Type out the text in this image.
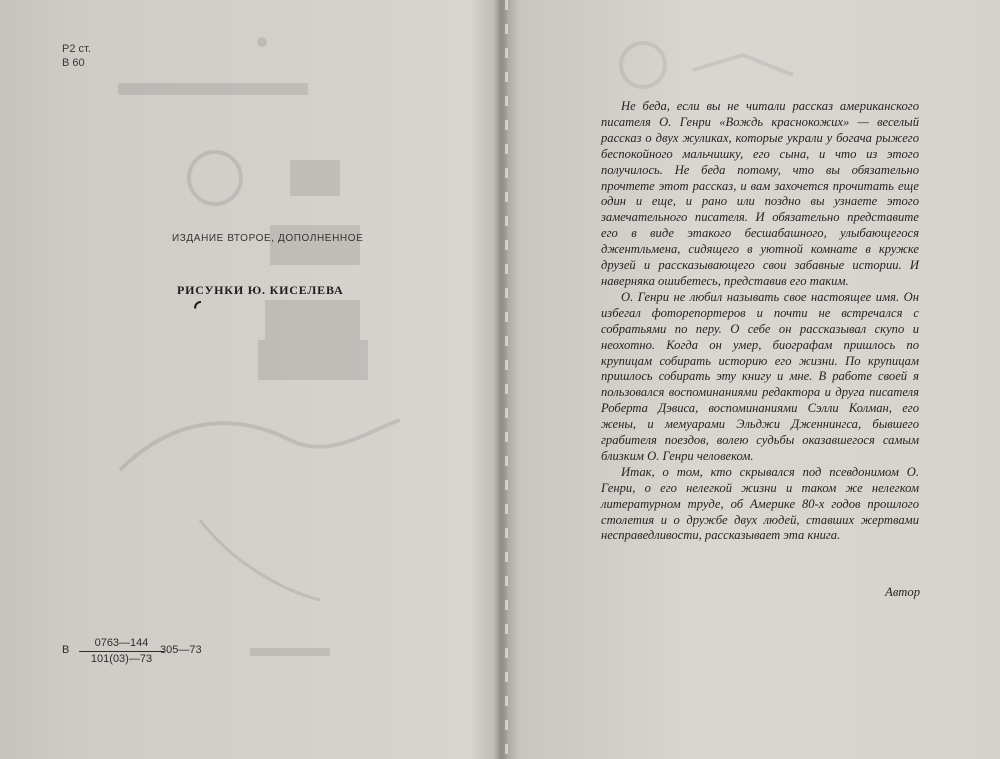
Р2 ст.
В 60
ИЗДАНИЕ ВТОРОЕ, ДОПОЛНЕННОЕ
РИСУНКИ Ю. КИСЕЛЕВА
В
0763—144
101(03)—73
305—73

Не беда, если вы не читали рассказ американского писателя О. Генри «Вождь краснокожих» — веселый рассказ о двух жуликах, которые украли у богача рыжего беспокойного мальчишку, его сына, и что из этого получилось. Не беда потому, что вы обязательно прочтете этот рассказ, и вам захочется прочитать еще один и еще, и рано или поздно вы узнаете этого замечательного писателя. И обязательно представите его в виде этакого бесшабашного, улыбающегося джентльмена, сидящего в уютной комнате в кружке друзей и рассказывающего свои забавные истории. И наверняка ошибетесь, представив его таким.

О. Генри не любил называть свое настоящее имя. Он избегал фоторепортеров и почти не встречался с собратьями по перу. О себе он рассказывал скупо и неохотно. Когда он умер, биографам пришлось по крупицам собирать историю его жизни. По крупицам пришлось собирать эту книгу и мне. В работе своей я пользовался воспоминаниями редактора и друга писателя Роберта Дэвиса, воспоминаниями Сэлли Колман, его жены, и мемуарами Эльджи Дженнингса, бывшего грабителя поездов, волею судьбы оказавшегося самым близким О. Генри человеком.

Итак, о том, кто скрывался под псевдонимом О. Генри, о его нелегкой жизни и таком же нелегком литературном труде, об Америке 80-х годов прошлого столетия и о дружбе двух людей, ставших жертвами несправедливости, рассказывает эта книга.

Автор
